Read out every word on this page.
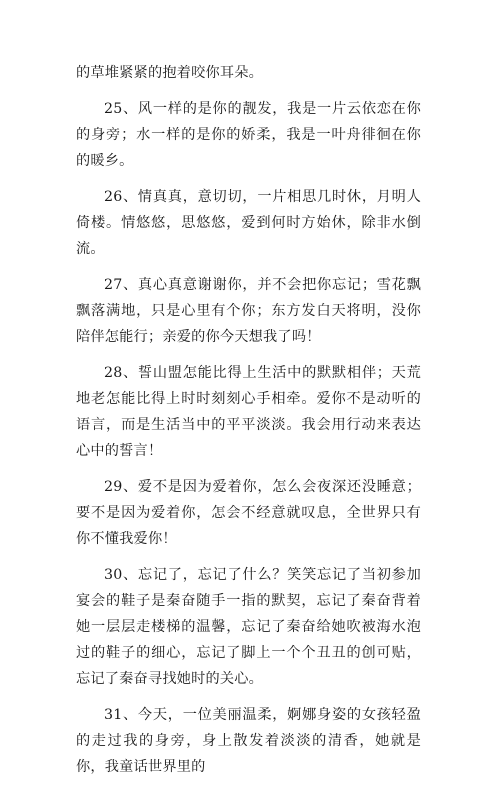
的草堆紧紧的抱着咬你耳朵。

25、风一样的是你的靓发，我是一片云依恋在你的身旁；水一样的是你的娇柔，我是一叶舟徘徊在你的暖乡。

26、情真真，意切切，一片相思几时休，月明人倚楼。情悠悠，思悠悠，爱到何时方始休，除非水倒流。

27、真心真意谢谢你，并不会把你忘记；雪花飘飘落满地，只是心里有个你；东方发白天将明，没你陪伴怎能行；亲爱的你今天想我了吗！

28、誓山盟怎能比得上生活中的默默相伴；天荒地老怎能比得上时时刻刻心手相牵。爱你不是动听的语言，而是生活当中的平平淡淡。我会用行动来表达心中的誓言！

29、爱不是因为爱着你，怎么会夜深还没睡意；要不是因为爱着你，怎会不经意就叹息，全世界只有你不懂我爱你！

30、忘记了，忘记了什么？笑笑忘记了当初参加宴会的鞋子是秦奋随手一指的默契，忘记了秦奋背着她一层层走楼梯的温馨，忘记了秦奋给她吹被海水泡过的鞋子的细心，忘记了脚上一个个丑丑的创可贴，忘记了秦奋寻找她时的关心。

31、今天，一位美丽温柔，婀娜身姿的女孩轻盈的走过我的身旁，身上散发着淡淡的清香，她就是你，我童话世界里的
